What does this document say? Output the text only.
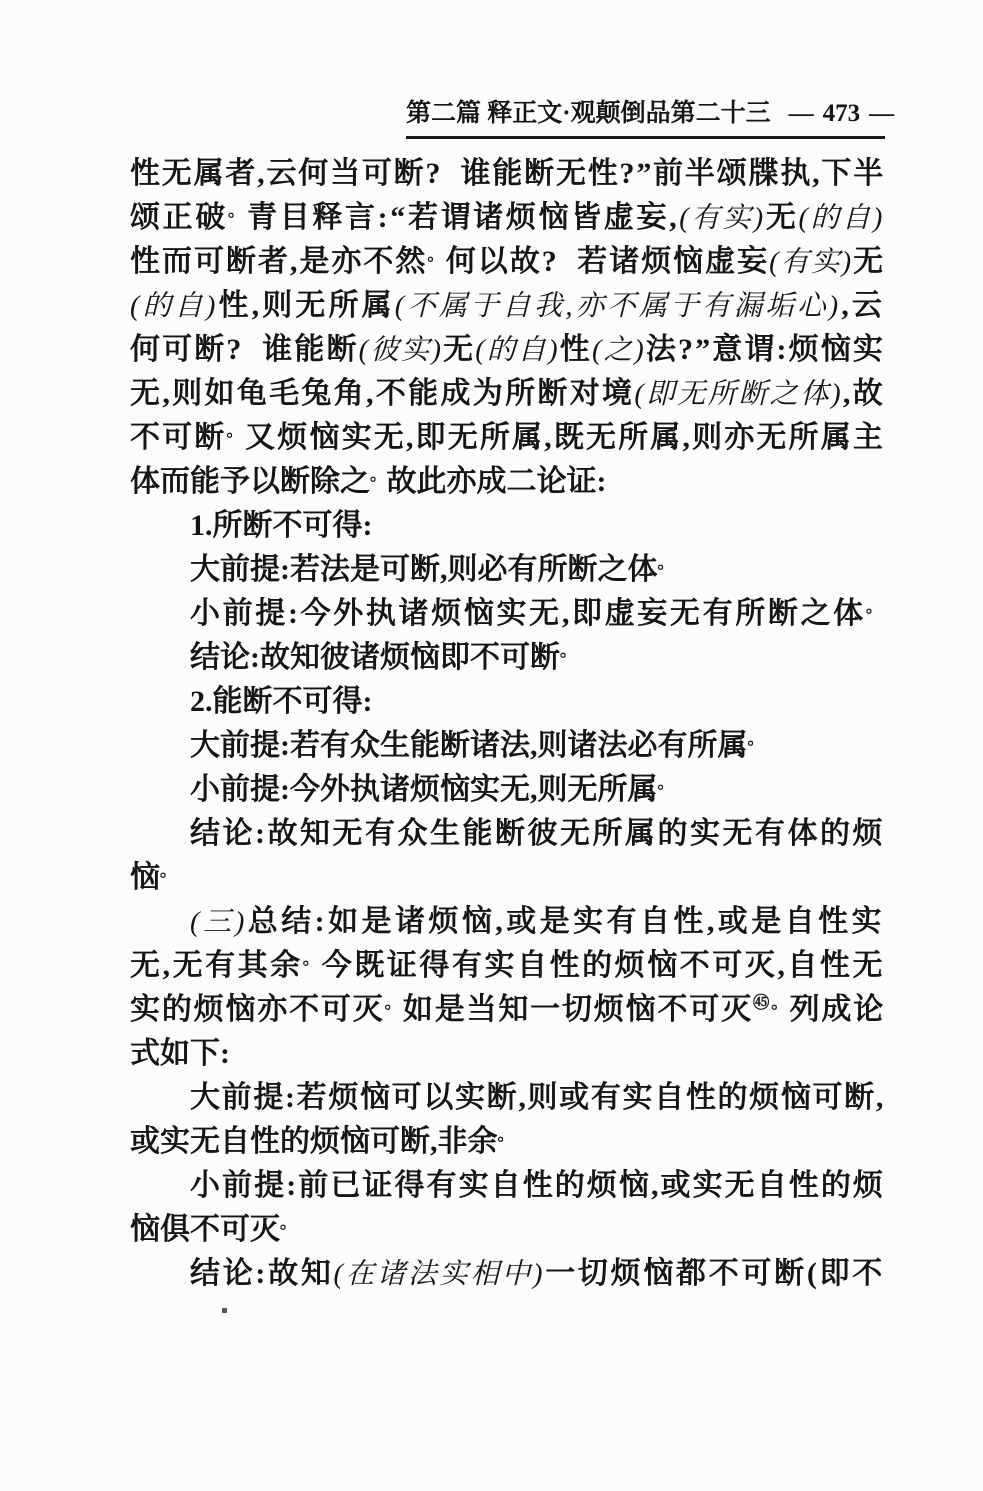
第二篇 释正文·观颠倒品第二十三 — 473 —
性无属者,云何当可断?　 谁能断无性?”前半颂牒执,下半
颂正破。青目释言:“若谓诸烦恼皆虚妄,(有实)无(的自)
性而可断者,是亦不然。何以故?　 若诸烦恼虚妄(有实)无
(的自)性,则无所属(不属于自我,亦不属于有漏垢心),云
何可断?　 谁能断(彼实)无(的自)性(之)法?”意谓:烦恼实
无,则如龟毛兔角,不能成为所断对境(即无所断之体),故
不可断。又烦恼实无,即无所属,既无所属,则亦无所属主
体而能予以断除之。故此亦成二论证:
1.所断不可得:
大前提:若法是可断,则必有所断之体。
小前提:今外执诸烦恼实无,即虚妄无有所断之体。
结论:故知彼诸烦恼即不可断。
2.能断不可得:
大前提:若有众生能断诸法,则诸法必有所属。
小前提:今外执诸烦恼实无,则无所属。
结论:故知无有众生能断彼无所属的实无有体的烦
恼。
(三)总结:如是诸烦恼,或是实有自性,或是自性实
无,无有其余。今既证得有实自性的烦恼不可灭,自性无
实的烦恼亦不可灭。如是当知一切烦恼不可灭$^{㊺。}$列成论
式如下:
大前提:若烦恼可以实断,则或有实自性的烦恼可断,
或实无自性的烦恼可断,非余。
小前提:前已证得有实自性的烦恼,或实无自性的烦
恼俱不可灭。
结论:故知(在诸法实相中)一切烦恼都不可断(即不
